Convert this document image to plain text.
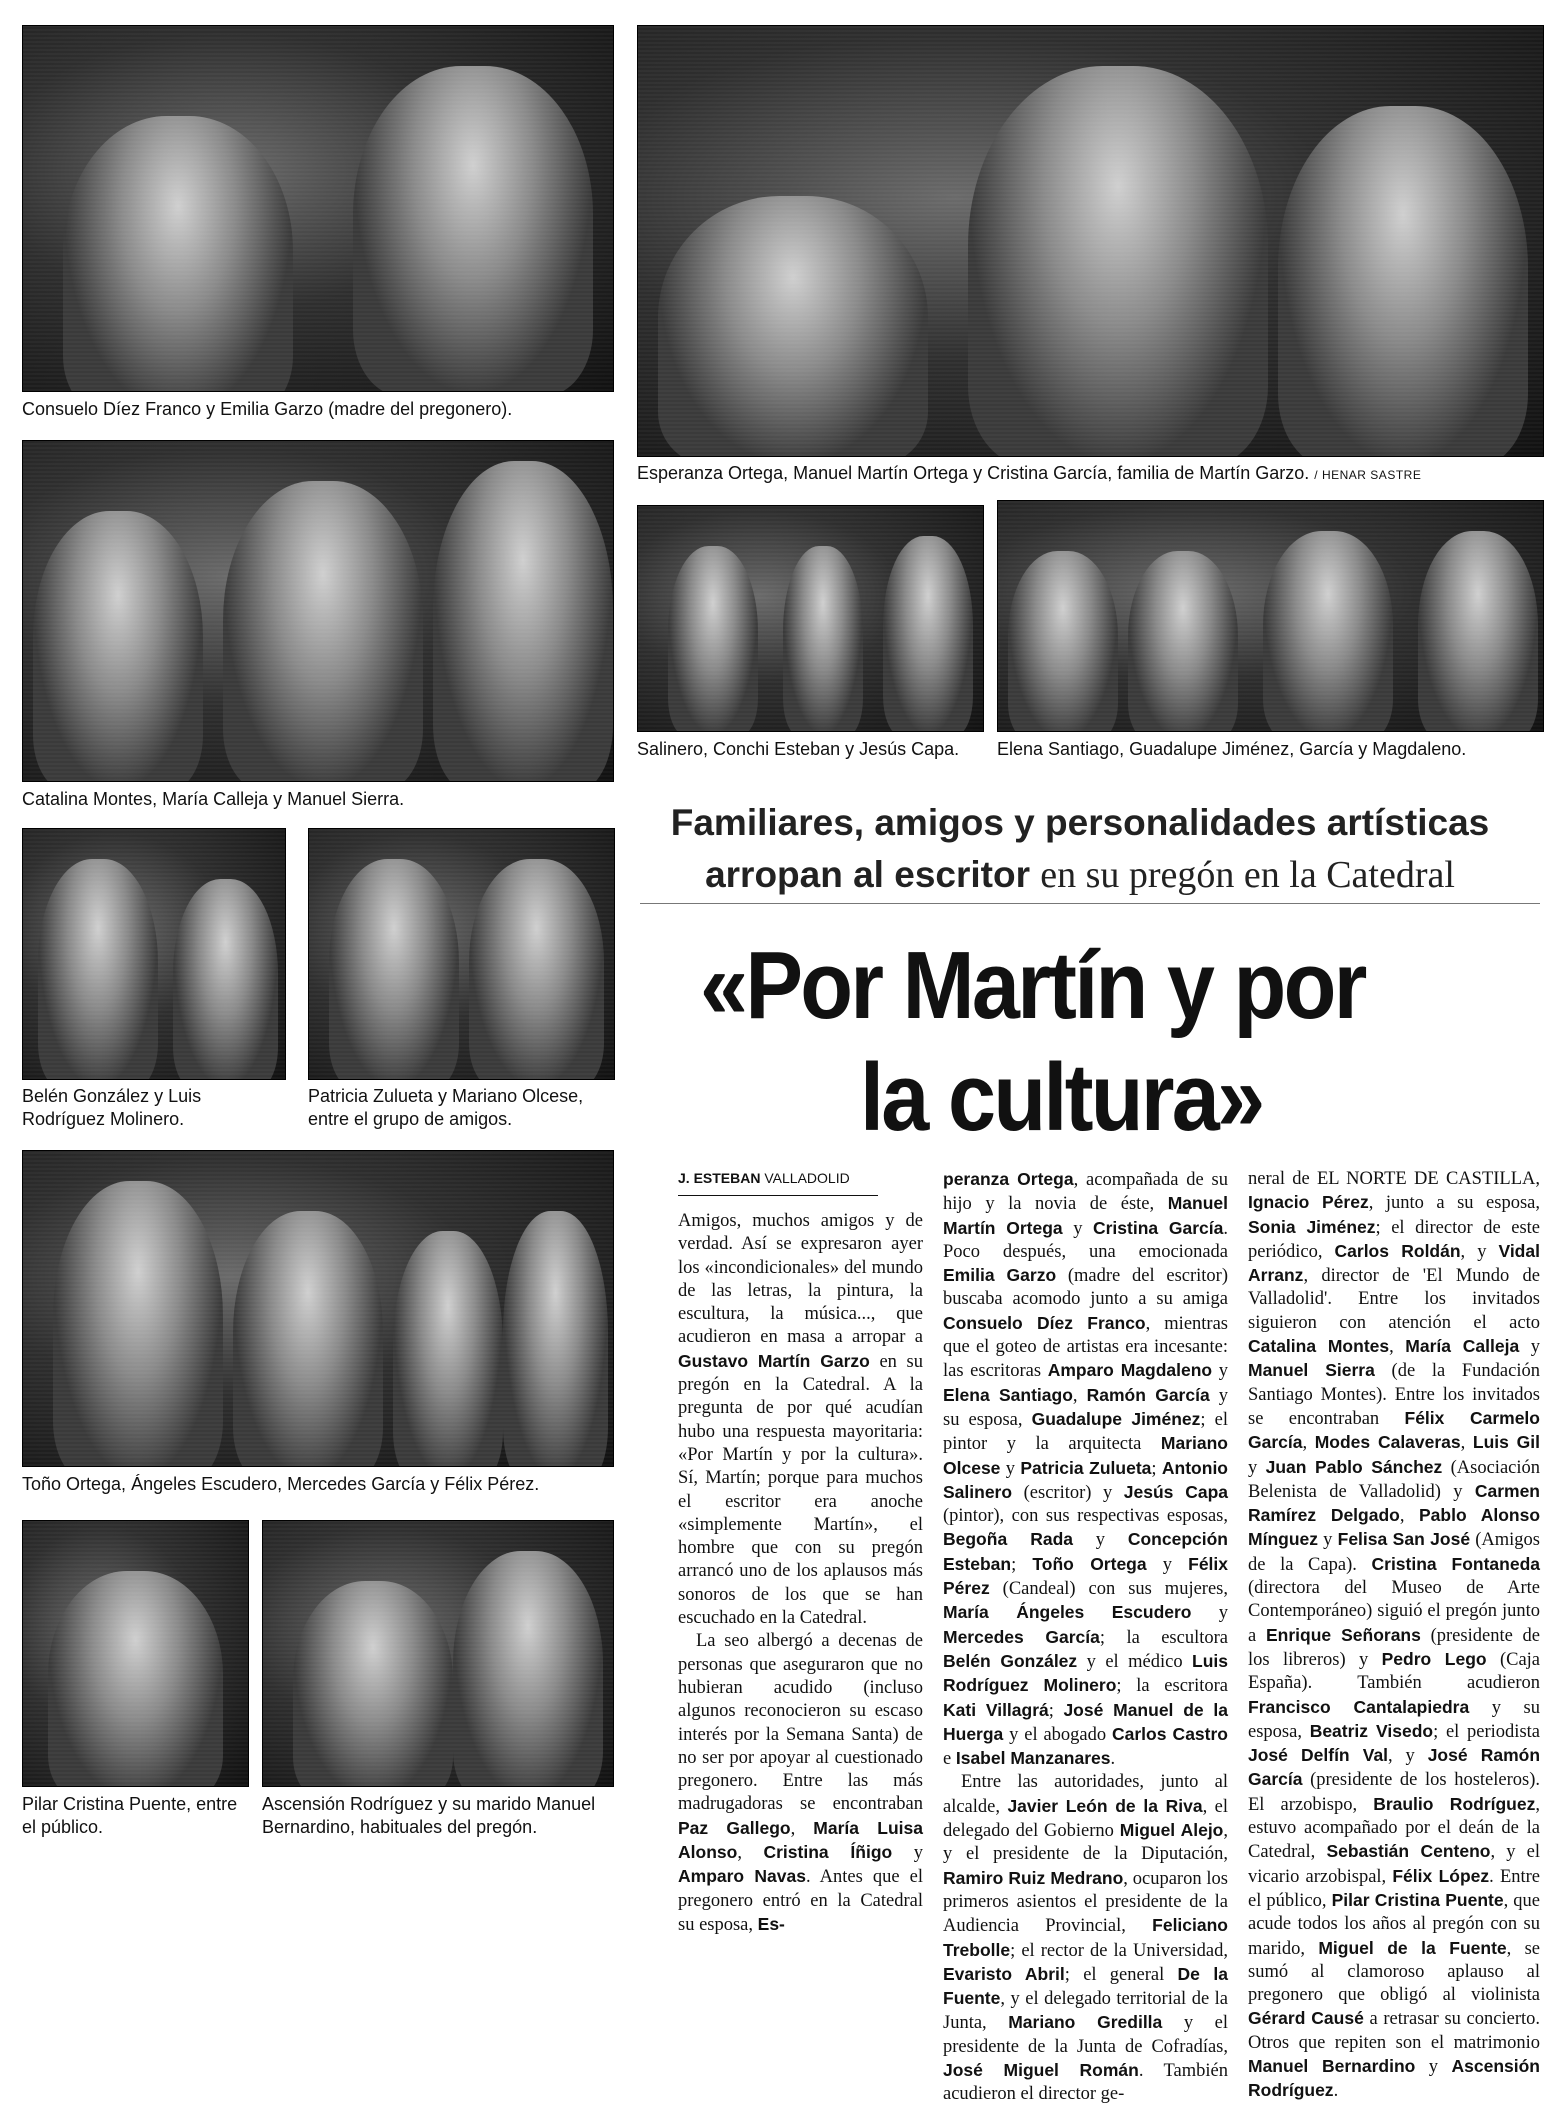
Consuelo Díez Franco y Emilia Garzo (madre del pregonero).
Esperanza Ortega, Manuel Martín Ortega y Cristina García, familia de Martín Garzo. / HENAR SASTRE
Catalina Montes, María Calleja y Manuel Sierra.
Salinero, Conchi Esteban y Jesús Capa.	Elena Santiago, Guadalupe Jiménez, García y Magdaleno.
Belén González y Luis Rodríguez Molinero.
Patricia Zulueta y Mariano Olcese, entre el grupo de amigos.
Toño Ortega, Ángeles Escudero, Mercedes García y Félix Pérez.
Pilar Cristina Puente, entre el público.
Ascensión Rodríguez y su marido Manuel Bernardino, habituales del pregón.
Familiares, amigos y personalidades artísticas
arropan al escritor en su pregón en la Catedral
«Por Martín y por
la cultura»
J. ESTEBAN VALLADOLID

Amigos, muchos amigos y de verdad. Así se expresaron ayer los «incondicionales» del mundo de las letras, la pintura, la escultura, la música..., que acudieron en masa a arropar a Gustavo Martín Garzo en su pregón en la Catedral. A la pregunta de por qué acudían hubo una respuesta mayoritaria: «Por Martín y por la cultura». Sí, Martín; porque para muchos el escritor era anoche «simplemente Martín», el hombre que con su pregón arrancó uno de los aplausos más sonoros de los que se han escuchado en la Catedral.

La seo albergó a decenas de personas que aseguraron que no hubieran acudido (incluso algunos reconocieron su escaso interés por la Semana Santa) de no ser por apoyar al cuestionado pregonero. Entre las más madrugadoras se encontraban Paz Gallego, María Luisa Alonso, Cristina Íñigo y Amparo Navas. Antes que el pregonero entró en la Catedral su esposa, Es-

peranza Ortega, acompañada de su hijo y la novia de éste, Manuel Martín Ortega y Cristina García. Poco después, una emocionada Emilia Garzo (madre del escritor) buscaba acomodo junto a su amiga Consuelo Díez Franco, mientras que el goteo de artistas era incesante: las escritoras Amparo Magdaleno y Elena Santiago, Ramón García y su esposa, Guadalupe Jiménez; el pintor y la arquitecta Mariano Olcese y Patricia Zulueta; Antonio Salinero (escritor) y Jesús Capa (pintor), con sus respectivas esposas, Begoña Rada y Concepción Esteban; Toño Ortega y Félix Pérez (Candeal) con sus mujeres, María Ángeles Escudero y Mercedes García; la escultora Belén González y el médico Luis Rodríguez Molinero; la escritora Kati Villagrá; José Manuel de la Huerga y el abogado Carlos Castro e Isabel Manzanares.

Entre las autoridades, junto al alcalde, Javier León de la Riva, el delegado del Gobierno Miguel Alejo, y el presidente de la Diputación, Ramiro Ruiz Medrano, ocuparon los primeros asientos el presidente de la Audiencia Provincial, Feliciano Trebolle; el rector de la Universidad, Evaristo Abril; el general De la Fuente, y el delegado territorial de la Junta, Mariano Gredilla y el presidente de la Junta de Cofradías, José Miguel Román. También acudieron el director ge-

neral de EL NORTE DE CASTILLA, Ignacio Pérez, junto a su esposa, Sonia Jiménez; el director de este periódico, Carlos Roldán, y Vidal Arranz, director de 'El Mundo de Valladolid'. Entre los invitados siguieron con atención el acto Catalina Montes, María Calleja y Manuel Sierra (de la Fundación Santiago Montes). Entre los invitados se encontraban Félix Carmelo García, Modes Calaveras, Luis Gil y Juan Pablo Sánchez (Asociación Belenista de Valladolid) y Carmen Ramírez Delgado, Pablo Alonso Mínguez y Felisa San José (Amigos de la Capa). Cristina Fontaneda (directora del Museo de Arte Contemporáneo) siguió el pregón junto a Enrique Señorans (presidente de los libreros) y Pedro Lego (Caja España). También acudieron Francisco Cantalapiedra y su esposa, Beatriz Visedo; el periodista José Delfín Val, y José Ramón García (presidente de los hosteleros). El arzobispo, Braulio Rodríguez, estuvo acompañado por el deán de la Catedral, Sebastián Centeno, y el vicario arzobispal, Félix López. Entre el público, Pilar Cristina Puente, que acude todos los años al pregón con su marido, Miguel de la Fuente, se sumó al clamoroso aplauso al pregonero que obligó al violinista Gérard Causé a retrasar su concierto. Otros que repiten son el matrimonio Manuel Bernardino y Ascensión Rodríguez.
